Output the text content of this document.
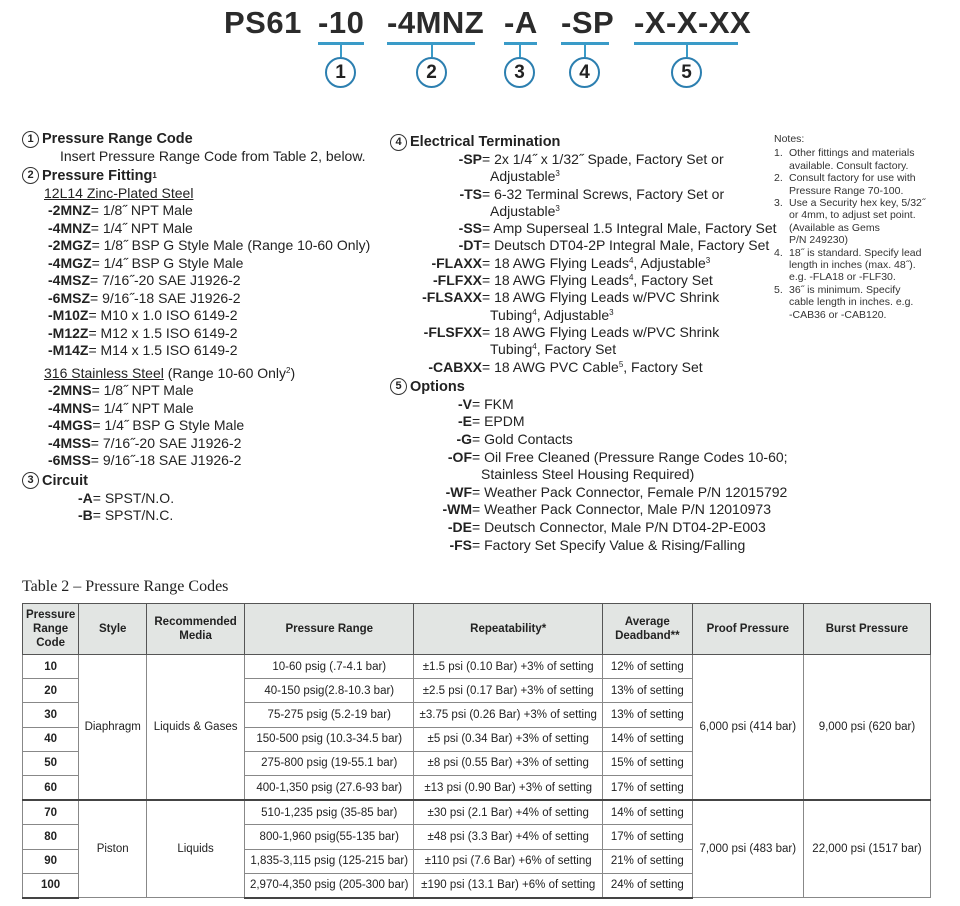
PS61 -10
1
-4MNZ
2
-A
3
-SP
4
-X-X-XX
5
1 Pressure Range Code
Insert Pressure Range Code from Table 2, below.
2 Pressure Fitting 1
12L14 Zinc-Plated Steel
-2MNZ= 1/8˝ NPT Male
-4MNZ= 1/4˝ NPT Male
-2MGZ= 1/8˝ BSP G Style Male (Range 10-60 Only)
-4MGZ= 1/4˝ BSP G Style Male
-4MSZ= 7/16˝-20 SAE J1926-2
-6MSZ= 9/16˝-18 SAE J1926-2
-M10Z= M10 x 1.0 ISO 6149-2
-M12Z= M12 x 1.5 ISO 6149-2
-M14Z= M14 x 1.5 ISO 6149-2
316 Stainless Steel (Range 10-60 Only$^2$)
-2MNS= 1/8˝ NPT Male
-4MNS= 1/4˝ NPT Male
-4MGS= 1/4˝ BSP G Style Male
-4MSS= 7/16˝-20 SAE J1926-2
-6MSS= 9/16˝-18 SAE J1926-2
3 Circuit
-A= SPST/N.O.
-B= SPST/N.C.
4 Electrical Termination
-SP = 2x 1/4˝ x 1/32˝ Spade, Factory Set or
Adjustable$^3$
-TS = 6-32 Terminal Screws, Factory Set or
Adjustable$^3$
-SS = Amp Superseal 1.5 Integral Male, Factory Set
-DT = Deutsch DT04-2P Integral Male, Factory Set
-FLAXX = 18 AWG Flying Leads$^4$, Adjustable$^3$
-FLFXX = 18 AWG Flying Leads$^4$, Factory Set
-FLSAXX = 18 AWG Flying Leads w/PVC Shrink
Tubing$^4$, Adjustable$^3$
-FLSFXX = 18 AWG Flying Leads w/PVC Shrink
Tubing$^4$, Factory Set
-CABXX = 18 AWG PVC Cable$^5$, Factory Set
5 Options
-V = FKM
-E = EPDM
-G = Gold Contacts
-OF = Oil Free Cleaned (Pressure Range Codes 10-60;
Stainless Steel Housing Required)
-WF = Weather Pack Connector, Female P/N 12015792
-WM = Weather Pack Connector, Male P/N 12010973
-DE = Deutsch Connector, Male P/N DT04-2P-E003
-FS = Factory Set Specify Value & Rising/Falling
Notes:
1. Other fittings and materials
available. Consult factory.
2. Consult factory for use with
Pressure Range 70-100.
3. Use a Security hex key, 5/32˝
or 4mm, to adjust set point.
(Available as Gems
P/N 249230)
4. 18˝ is standard. Specify lead
length in inches (max. 48˝).
e.g. -FLA18 or -FLF30.
5. 36˝ is minimum. Specify
cable length in inches. e.g.
-CAB36 or -CAB120.
Table 2 – Pressure Range Codes
Pressure
Range
Code	Style	Recommended
Media	Pressure Range	Repeatability*	Average
Deadband**	Proof Pressure	Burst Pressure
10	Diaphragm	Liquids & Gases	10-60 psig (.7-4.1 bar)	±1.5 psi (0.10 Bar) +3% of setting	12% of setting	6,000 psi (414 bar)	9,000 psi (620 bar)
20			40-150 psig(2.8-10.3 bar)	±2.5 psi (0.17 Bar) +3% of setting	13% of setting		
30			75-275 psig (5.2-19 bar)	±3.75 psi (0.26 Bar) +3% of setting	13% of setting		
40			150-500 psig (10.3-34.5 bar)	±5 psi (0.34 Bar) +3% of setting	14% of setting		
50			275-800 psig (19-55.1 bar)	±8 psi (0.55 Bar) +3% of setting	15% of setting		
60			400-1,350 psig (27.6-93 bar)	±13 psi (0.90 Bar) +3% of setting	17% of setting		
70	Piston	Liquids	510-1,235 psig (35-85 bar)	±30 psi (2.1 Bar) +4% of setting	14% of setting	7,000 psi (483 bar)	22,000 psi (1517 bar)
80			800-1,960 psig(55-135 bar)	±48 psi (3.3 Bar) +4% of setting	17% of setting		
90			1,835-3,115 psig (125-215 bar)	±110 psi (7.6 Bar) +6% of setting	21% of setting		
100			2,970-4,350 psig (205-300 bar)	±190 psi (13.1 Bar) +6% of setting	24% of setting		
